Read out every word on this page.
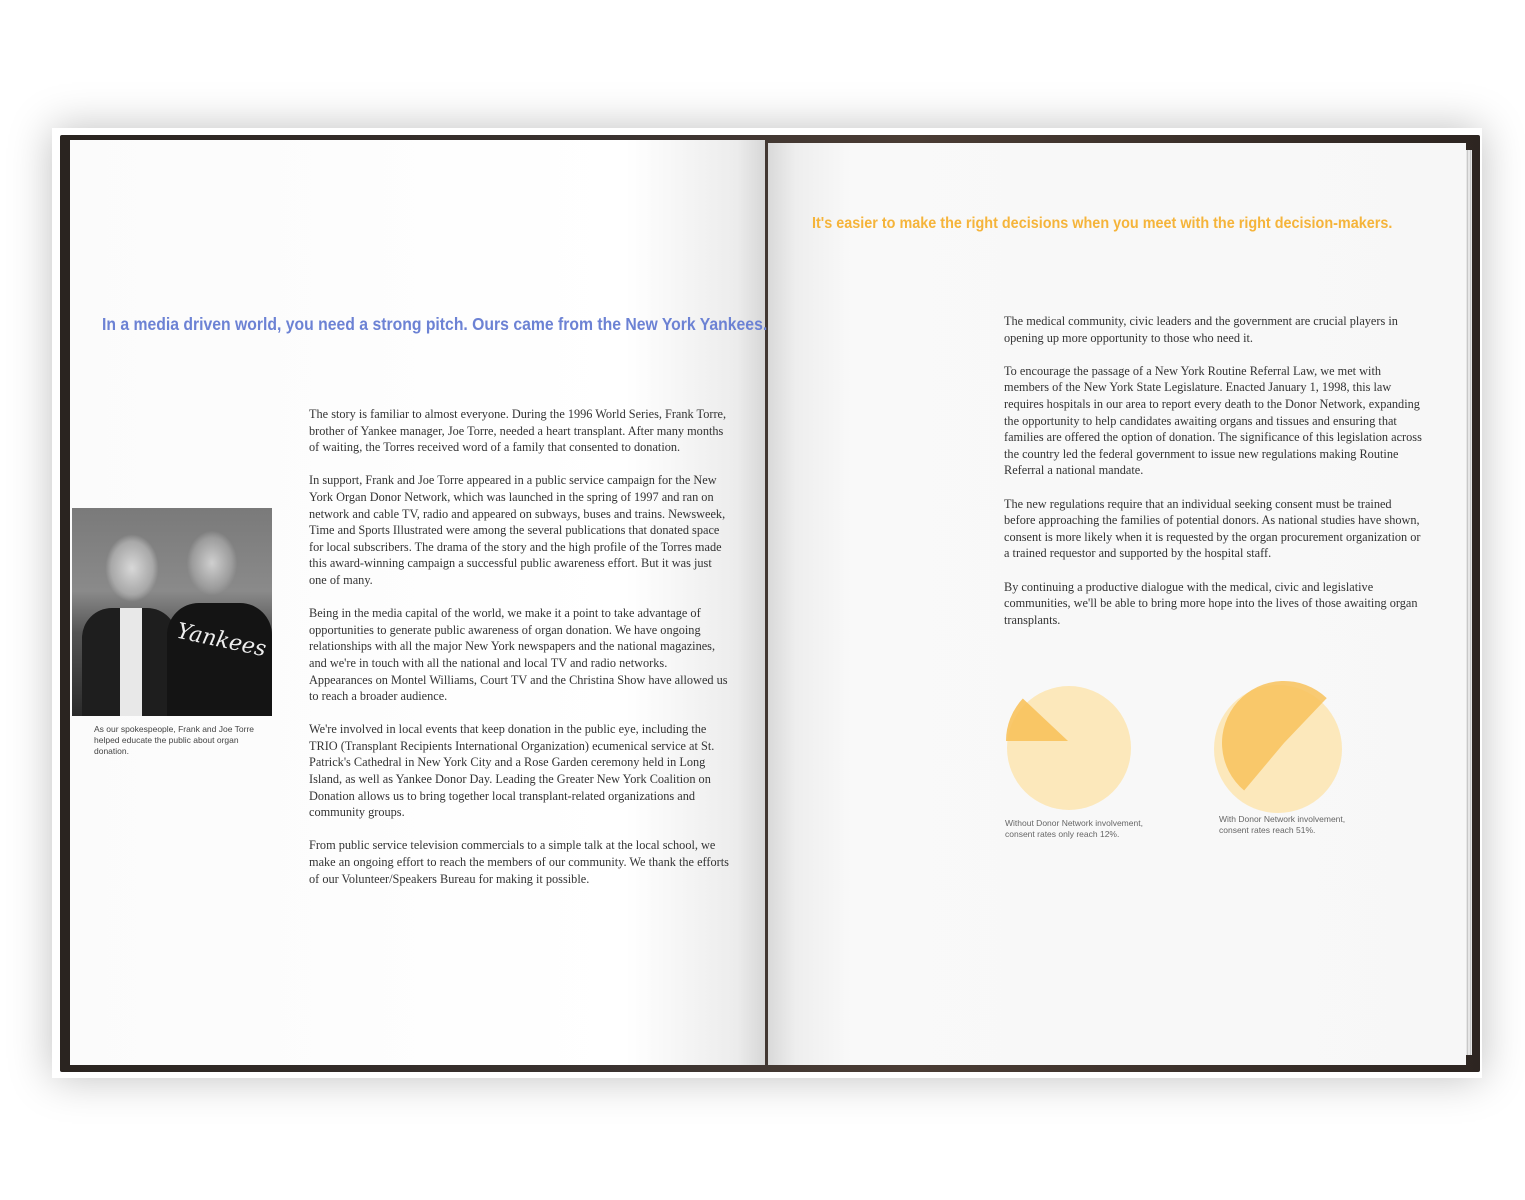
In a media driven world, you need a strong pitch. Ours came from the New York Yankees.
Yankees
As our spokespeople, Frank and Joe Torre helped educate the public about organ donation.

The story is familiar to almost everyone. During the 1996 World Series, Frank Torre, brother of Yankee manager, Joe Torre, needed a heart transplant. After many months of waiting, the Torres received word of a family that consented to donation.

In support, Frank and Joe Torre appeared in a public service campaign for the New York Organ Donor Network, which was launched in the spring of 1997 and ran on network and cable TV, radio and appeared on subways, buses and trains. Newsweek, Time and Sports Illustrated were among the several publications that donated space for local subscribers. The drama of the story and the high profile of the Torres made this award-winning campaign a successful public awareness effort. But it was just one of many.

Being in the media capital of the world, we make it a point to take advantage of opportunities to generate public awareness of organ donation. We have ongoing relationships with all the major New York newspapers and the national magazines, and we're in touch with all the national and local TV and radio networks. Appearances on Montel Williams, Court TV and the Christina Show have allowed us to reach a broader audience.

We're involved in local events that keep donation in the public eye, including the TRIO (Transplant Recipients International Organization) ecumenical service at St. Patrick's Cathedral in New York City and a Rose Garden ceremony held in Long Island, as well as Yankee Donor Day. Leading the Greater New York Coalition on Donation allows us to bring together local transplant-related organizations and community groups.

From public service television commercials to a simple talk at the local school, we make an ongoing effort to reach the members of our community. We thank the efforts of our Volunteer/Speakers Bureau for making it possible.

It's easier to make the right decisions when you meet with the right decision-makers.

The medical community, civic leaders and the government are crucial players in opening up more opportunity to those who need it.

To encourage the passage of a New York Routine Referral Law, we met with members of the New York State Legislature. Enacted January 1, 1998, this law requires hospitals in our area to report every death to the Donor Network, expanding the opportunity to help candidates awaiting organs and tissues and ensuring that families are offered the option of donation. The significance of this legislation across the country led the federal government to issue new regulations making Routine Referral a national mandate.

The new regulations require that an individual seeking consent must be trained before approaching the families of potential donors. As national studies have shown, consent is more likely when it is requested by the organ procurement organization or a trained requestor and supported by the hospital staff.

By continuing a productive dialogue with the medical, civic and legislative communities, we'll be able to bring more hope into the lives of those awaiting organ transplants.

Without Donor Network involvement,
consent rates only reach 12%.
With Donor Network involvement,
consent rates reach 51%.
